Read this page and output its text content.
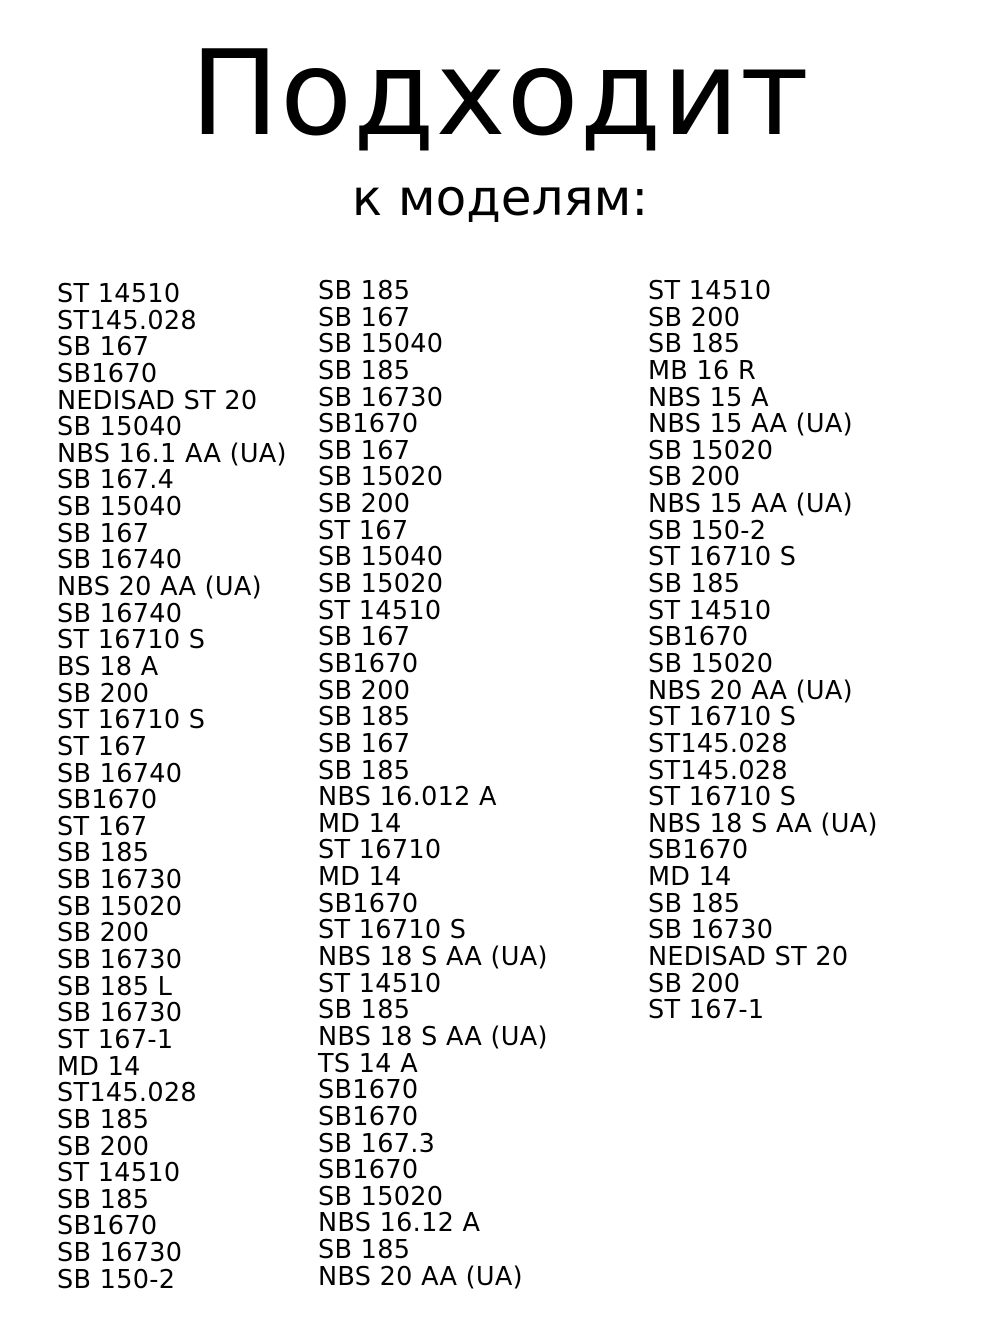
Подходит
к моделям:
ST 14510
ST145.028
SB 167
SB1670
NEDISAD ST 20
SB 15040
NBS 16.1 AA (UA)
SB 167.4
SB 15040
SB 167
SB 16740
NBS 20 AA (UA)
SB 16740
ST 16710 S
BS 18 A
SB 200
ST 16710 S
ST 167
SB 16740
SB1670
ST 167
SB 185
SB 16730
SB 15020
SB 200
SB 16730
SB 185 L
SB 16730
ST 167-1
MD 14
ST145.028
SB 185
SB 200
ST 14510
SB 185
SB1670
SB 16730
SB 150-2
SB 185
SB 167
SB 15040
SB 185
SB 16730
SB1670
SB 167
SB 15020
SB 200
ST 167
SB 15040
SB 15020
ST 14510
SB 167
SB1670
SB 200
SB 185
SB 167
SB 185
NBS 16.012 A
MD 14
ST 16710
MD 14
SB1670
ST 16710 S
NBS 18 S AA (UA)
ST 14510
SB 185
NBS 18 S AA (UA)
TS 14 A
SB1670
SB1670
SB 167.3
SB1670
SB 15020
NBS 16.12 A
SB 185
NBS 20 AA (UA)
ST 14510
SB 200
SB 185
MB 16 R
NBS 15 A
NBS 15 AA (UA)
SB 15020
SB 200
NBS 15 AA (UA)
SB 150-2
ST 16710 S
SB 185
ST 14510
SB1670
SB 15020
NBS 20 AA (UA)
ST 16710 S
ST145.028
ST145.028
ST 16710 S
NBS 18 S AA (UA)
SB1670
MD 14
SB 185
SB 16730
NEDISAD ST 20
SB 200
ST 167-1
